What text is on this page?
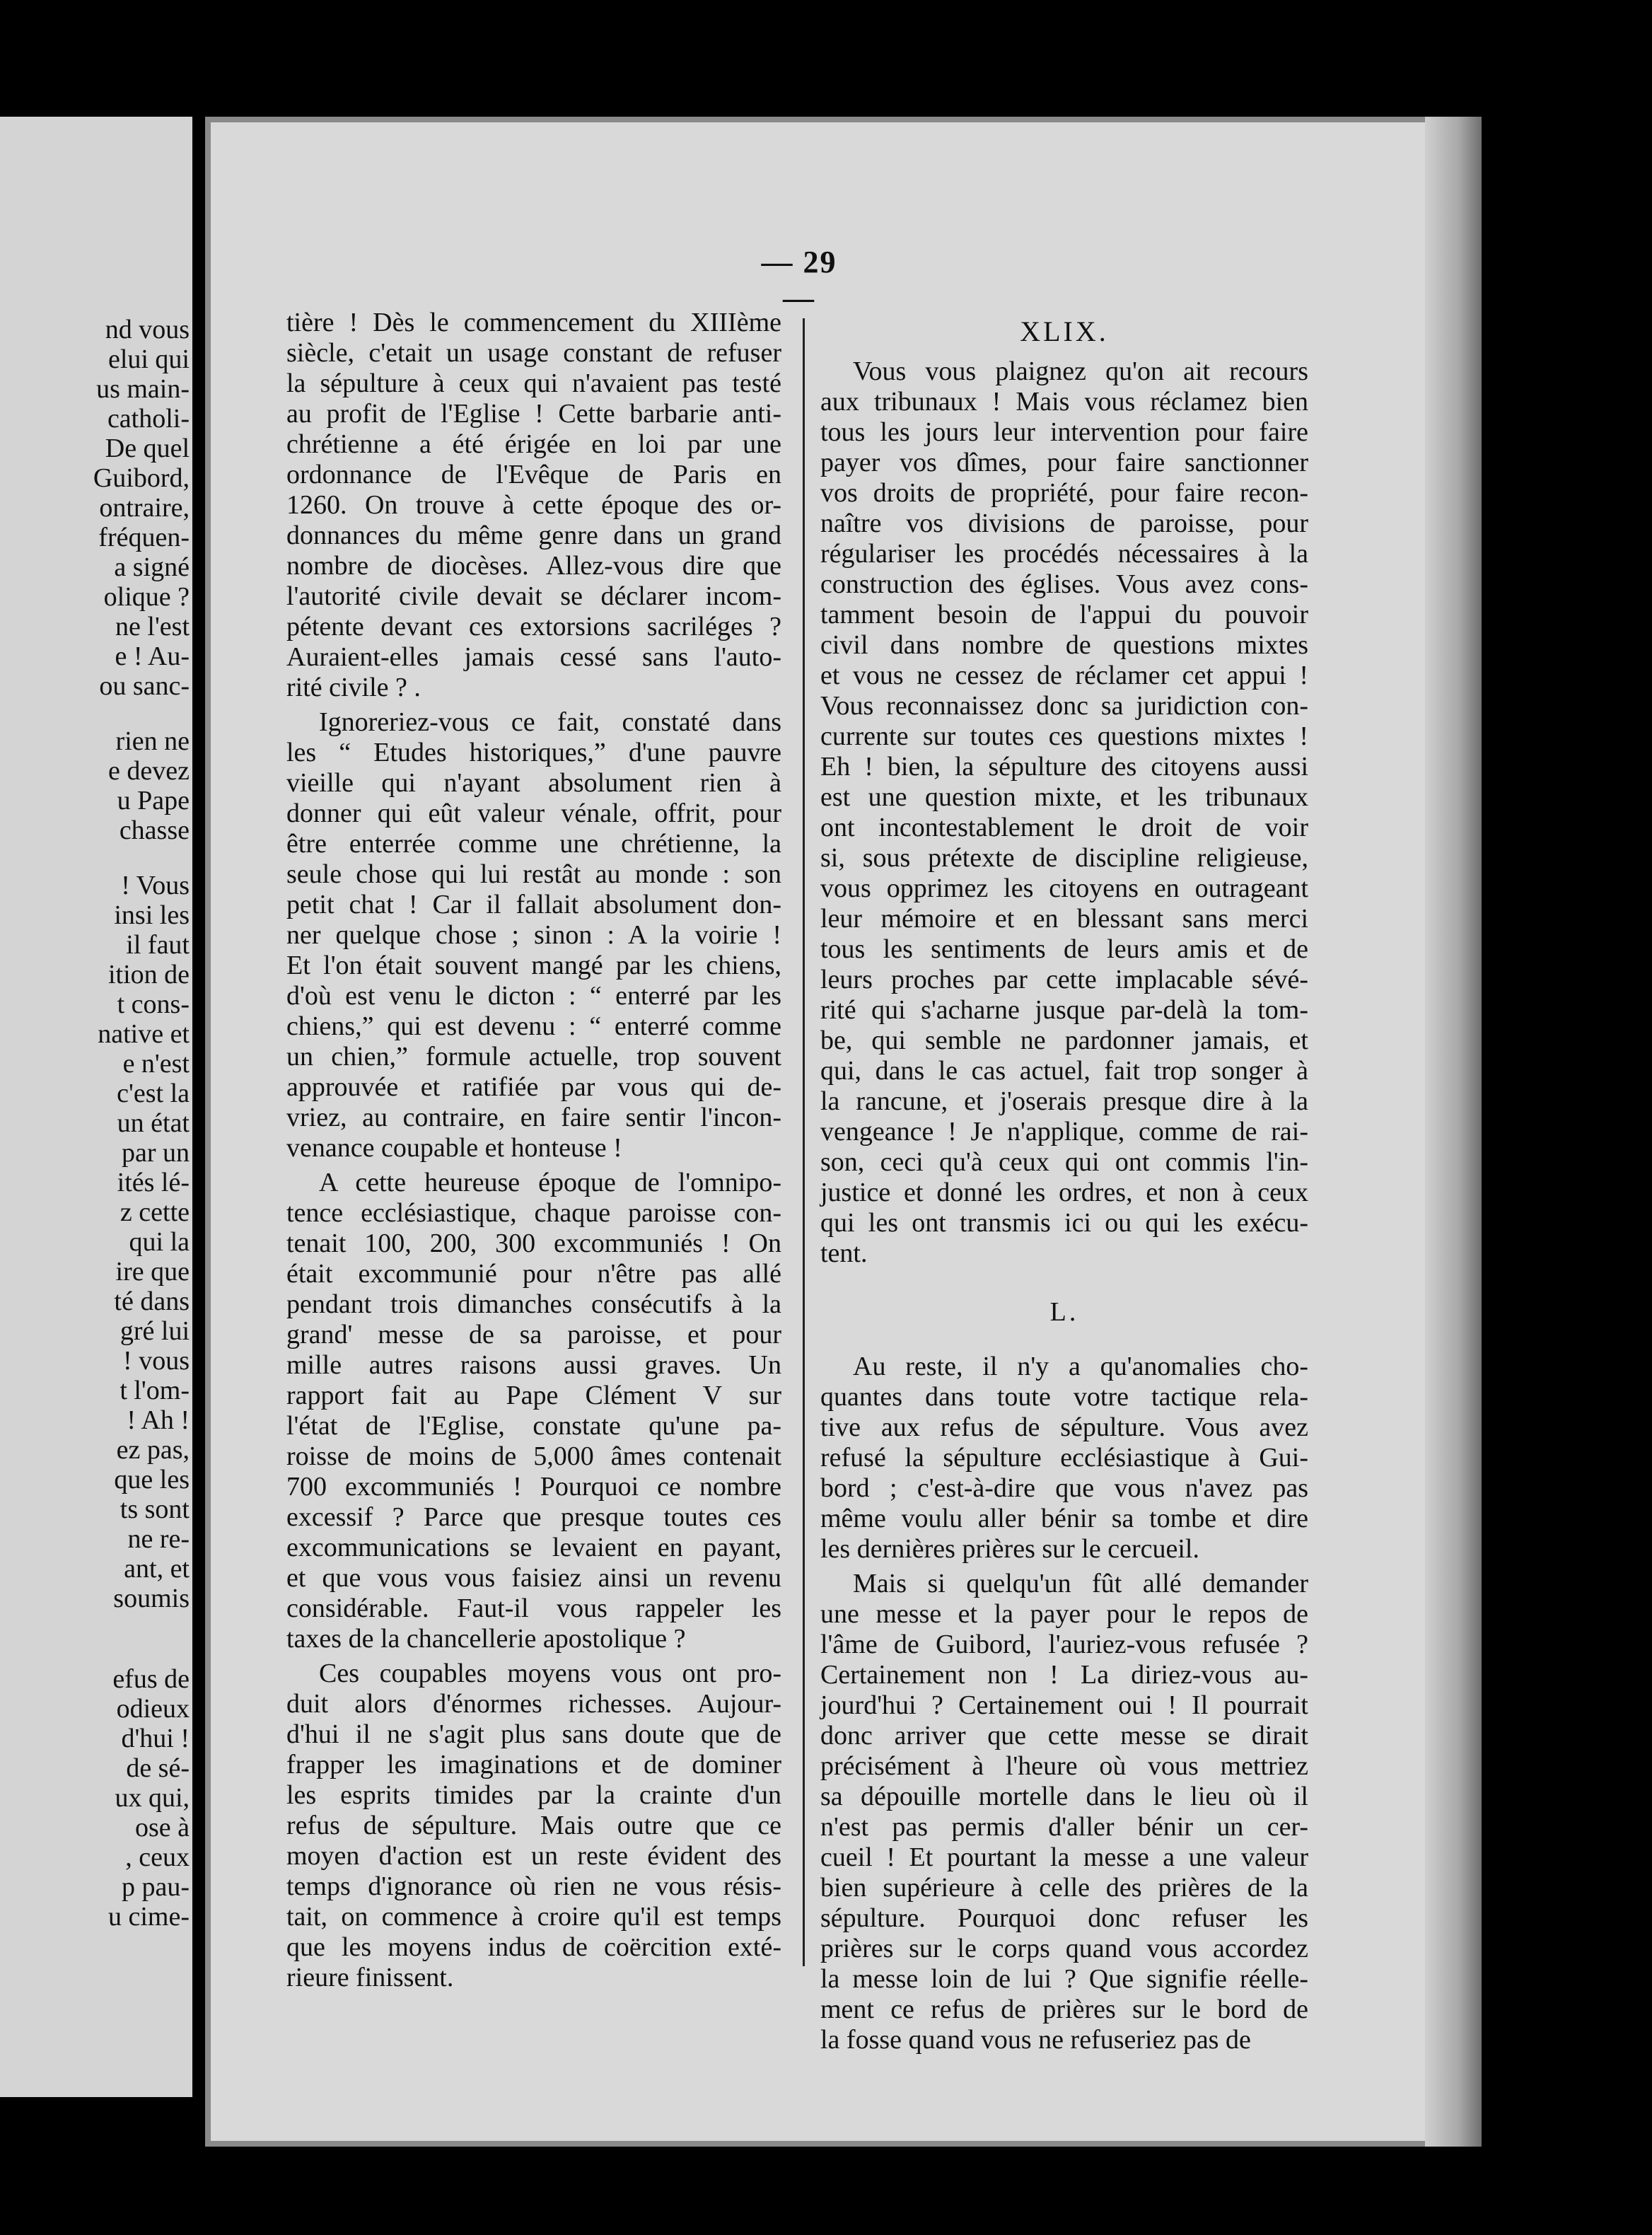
nd vous
elui qui
us main-
catholi-
De quel
Guibord,
ontraire,
fréquen-
a signé
olique ?
ne l'est
e ! Au-
ou sanc-
rien ne
e devez
u Pape
chasse
! Vous
insi les
il faut
ition de
t cons-
native et
e n'est
c'est la
un état
par un
ités lé-
z cette
qui la
ire que
té dans
gré lui
! vous
t l'om-
! Ah !
ez pas,
que les
ts sont
ne re-
ant, et
soumis
efus de
odieux
d'hui !
de sé-
ux qui,
ose à
, ceux
p pau-
u cime-
— 29 —
tière ! Dès le commencement du XIIIème
siècle, c'etait un usage constant de refuser
la sépulture à ceux qui n'avaient pas testé
au profit de l'Eglise ! Cette barbarie anti-
chrétienne a été érigée en loi par une
ordonnance de l'Evêque de Paris en
1260. On trouve à cette époque des or-
donnances du même genre dans un grand
nombre de diocèses. Allez-vous dire que
l'autorité civile devait se déclarer incom-
pétente devant ces extorsions sacriléges ?
Auraient-elles jamais cessé sans l'auto-
rité civile ? .
Ignoreriez-vous ce fait, constaté dans
les “ Etudes historiques,” d'une pauvre
vieille qui n'ayant absolument rien à
donner qui eût valeur vénale, offrit, pour
être enterrée comme une chrétienne, la
seule chose qui lui restât au monde : son
petit chat ! Car il fallait absolument don-
ner quelque chose ; sinon : A la voirie !
Et l'on était souvent mangé par les chiens,
d'où est venu le dicton : “ enterré par les
chiens,” qui est devenu : “ enterré comme
un chien,” formule actuelle, trop souvent
approuvée et ratifiée par vous qui de-
vriez, au contraire, en faire sentir l'incon-
venance coupable et honteuse !
A cette heureuse époque de l'omnipo-
tence ecclésiastique, chaque paroisse con-
tenait 100, 200, 300 excommuniés ! On
était excommunié pour n'être pas allé
pendant trois dimanches consécutifs à la
grand' messe de sa paroisse, et pour
mille autres raisons aussi graves. Un
rapport fait au Pape Clément V sur
l'état de l'Eglise, constate qu'une pa-
roisse de moins de 5,000 âmes contenait
700 excommuniés ! Pourquoi ce nombre
excessif ? Parce que presque toutes ces
excommunications se levaient en payant,
et que vous vous faisiez ainsi un revenu
considérable. Faut-il vous rappeler les
taxes de la chancellerie apostolique ?
Ces coupables moyens vous ont pro-
duit alors d'énormes richesses. Aujour-
d'hui il ne s'agit plus sans doute que de
frapper les imaginations et de dominer
les esprits timides par la crainte d'un
refus de sépulture. Mais outre que ce
moyen d'action est un reste évident des
temps d'ignorance où rien ne vous résis-
tait, on commence à croire qu'il est temps
que les moyens indus de coërcition exté-
rieure finissent.
XLIX.
Vous vous plaignez qu'on ait recours
aux tribunaux ! Mais vous réclamez bien
tous les jours leur intervention pour faire
payer vos dîmes, pour faire sanctionner
vos droits de propriété, pour faire recon-
naître vos divisions de paroisse, pour
régulariser les procédés nécessaires à la
construction des églises. Vous avez cons-
tamment besoin de l'appui du pouvoir
civil dans nombre de questions mixtes
et vous ne cessez de réclamer cet appui !
Vous reconnaissez donc sa juridiction con-
currente sur toutes ces questions mixtes !
Eh ! bien, la sépulture des citoyens aussi
est une question mixte, et les tribunaux
ont incontestablement le droit de voir
si, sous prétexte de discipline religieuse,
vous opprimez les citoyens en outrageant
leur mémoire et en blessant sans merci
tous les sentiments de leurs amis et de
leurs proches par cette implacable sévé-
rité qui s'acharne jusque par-delà la tom-
be, qui semble ne pardonner jamais, et
qui, dans le cas actuel, fait trop songer à
la rancune, et j'oserais presque dire à la
vengeance ! Je n'applique, comme de rai-
son, ceci qu'à ceux qui ont commis l'in-
justice et donné les ordres, et non à ceux
qui les ont transmis ici ou qui les exécu-
tent.
L.
Au reste, il n'y a qu'anomalies cho-
quantes dans toute votre tactique rela-
tive aux refus de sépulture. Vous avez
refusé la sépulture ecclésiastique à Gui-
bord ; c'est-à-dire que vous n'avez pas
même voulu aller bénir sa tombe et dire
les dernières prières sur le cercueil.
Mais si quelqu'un fût allé demander
une messe et la payer pour le repos de
l'âme de Guibord, l'auriez-vous refusée ?
Certainement non ! La diriez-vous au-
jourd'hui ? Certainement oui ! Il pourrait
donc arriver que cette messe se dirait
précisément à l'heure où vous mettriez
sa dépouille mortelle dans le lieu où il
n'est pas permis d'aller bénir un cer-
cueil ! Et pourtant la messe a une valeur
bien supérieure à celle des prières de la
sépulture. Pourquoi donc refuser les
prières sur le corps quand vous accordez
la messe loin de lui ? Que signifie réelle-
ment ce refus de prières sur le bord de
la fosse quand vous ne refuseriez pas de
